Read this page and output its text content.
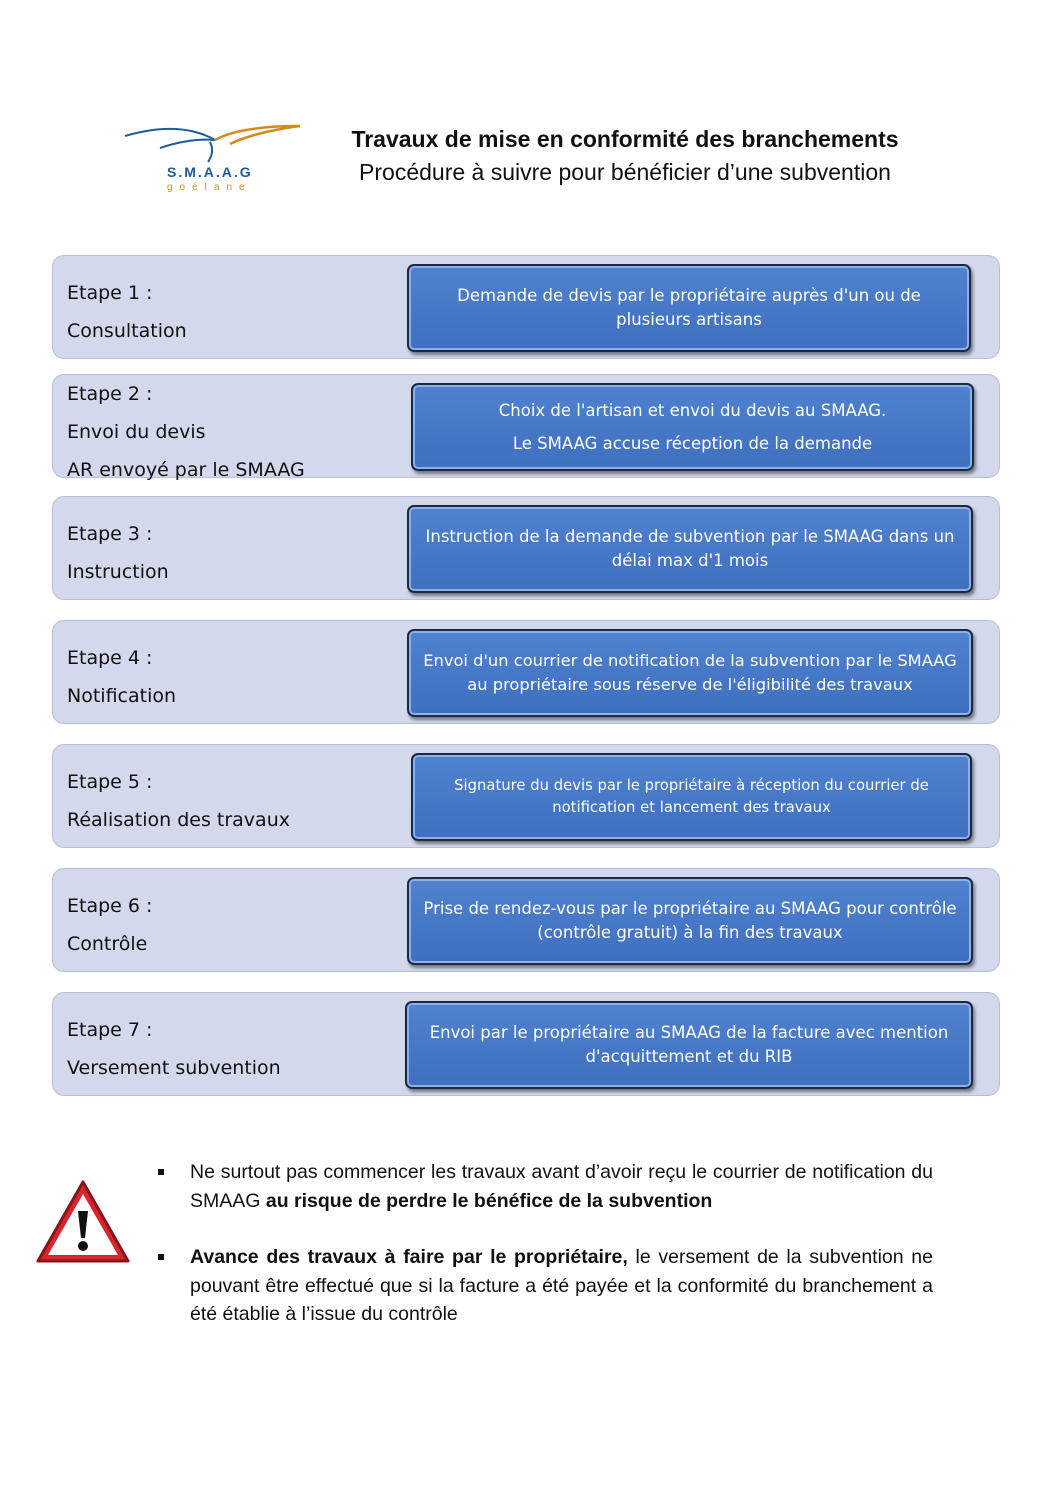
S.M.A.A.G
goélane
Travaux de mise en conformité des branchements
Procédure à suivre pour bénéficier d’une subvention
Etape 1 :
Consultation
Demande de devis par le propriétaire auprès d'un ou de plusieurs artisans
Etape 2 :
Envoi du devis
AR envoyé par le SMAAG
Choix de l'artisan et envoi du devis au SMAAG.
Le SMAAG accuse réception de la demande
Etape 3 :
Instruction
Instruction de la demande de subvention par le SMAAG dans un délai max d'1 mois
Etape 4 :
Notification
Envoi d'un courrier de notification de la subvention par le SMAAG au propriétaire sous réserve de l'éligibilité des travaux
Etape 5 :
Réalisation des travaux
Signature du devis par le propriétaire à réception du courrier de notification et lancement des travaux
Etape 6 :
Contrôle
Prise de rendez-vous par le propriétaire au SMAAG pour contrôle (contrôle gratuit) à la fin des travaux
Etape 7 :
Versement subvention
Envoi par le propriétaire au SMAAG de la facture avec mention d'acquittement et du RIB
Ne surtout pas commencer les travaux avant d’avoir reçu le courrier de notification du SMAAG au risque de perdre le bénéfice de la subvention
Avance des travaux à faire par le propriétaire, le versement de la subvention ne pouvant être effectué que si la facture a été payée et la conformité du branchement a été établie à l’issue du contrôle
